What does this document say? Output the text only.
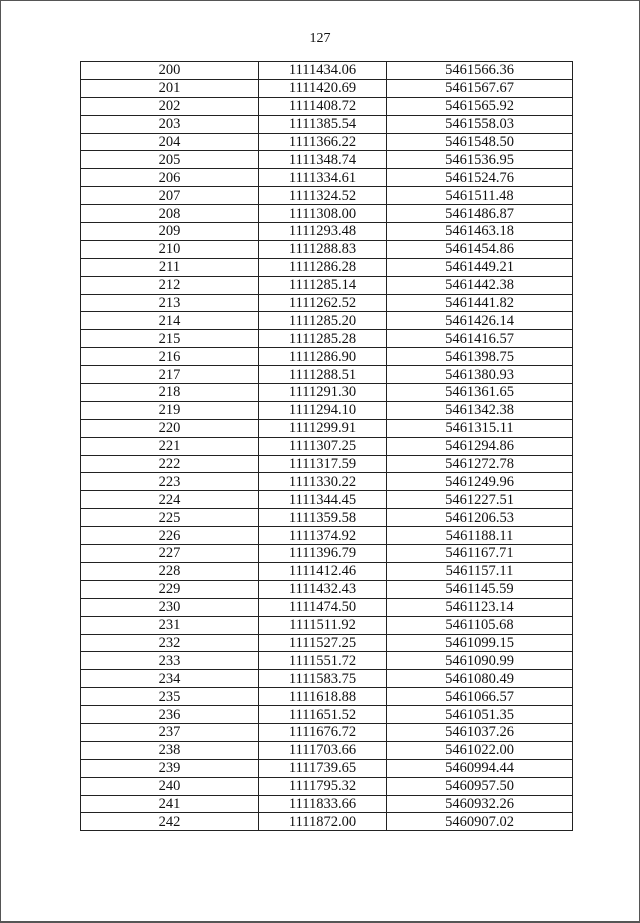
127
200	1111434.06	5461566.36
201	1111420.69	5461567.67
202	1111408.72	5461565.92
203	1111385.54	5461558.03
204	1111366.22	5461548.50
205	1111348.74	5461536.95
206	1111334.61	5461524.76
207	1111324.52	5461511.48
208	1111308.00	5461486.87
209	1111293.48	5461463.18
210	1111288.83	5461454.86
211	1111286.28	5461449.21
212	1111285.14	5461442.38
213	1111262.52	5461441.82
214	1111285.20	5461426.14
215	1111285.28	5461416.57
216	1111286.90	5461398.75
217	1111288.51	5461380.93
218	1111291.30	5461361.65
219	1111294.10	5461342.38
220	1111299.91	5461315.11
221	1111307.25	5461294.86
222	1111317.59	5461272.78
223	1111330.22	5461249.96
224	1111344.45	5461227.51
225	1111359.58	5461206.53
226	1111374.92	5461188.11
227	1111396.79	5461167.71
228	1111412.46	5461157.11
229	1111432.43	5461145.59
230	1111474.50	5461123.14
231	1111511.92	5461105.68
232	1111527.25	5461099.15
233	1111551.72	5461090.99
234	1111583.75	5461080.49
235	1111618.88	5461066.57
236	1111651.52	5461051.35
237	1111676.72	5461037.26
238	1111703.66	5461022.00
239	1111739.65	5460994.44
240	1111795.32	5460957.50
241	1111833.66	5460932.26
242	1111872.00	5460907.02
